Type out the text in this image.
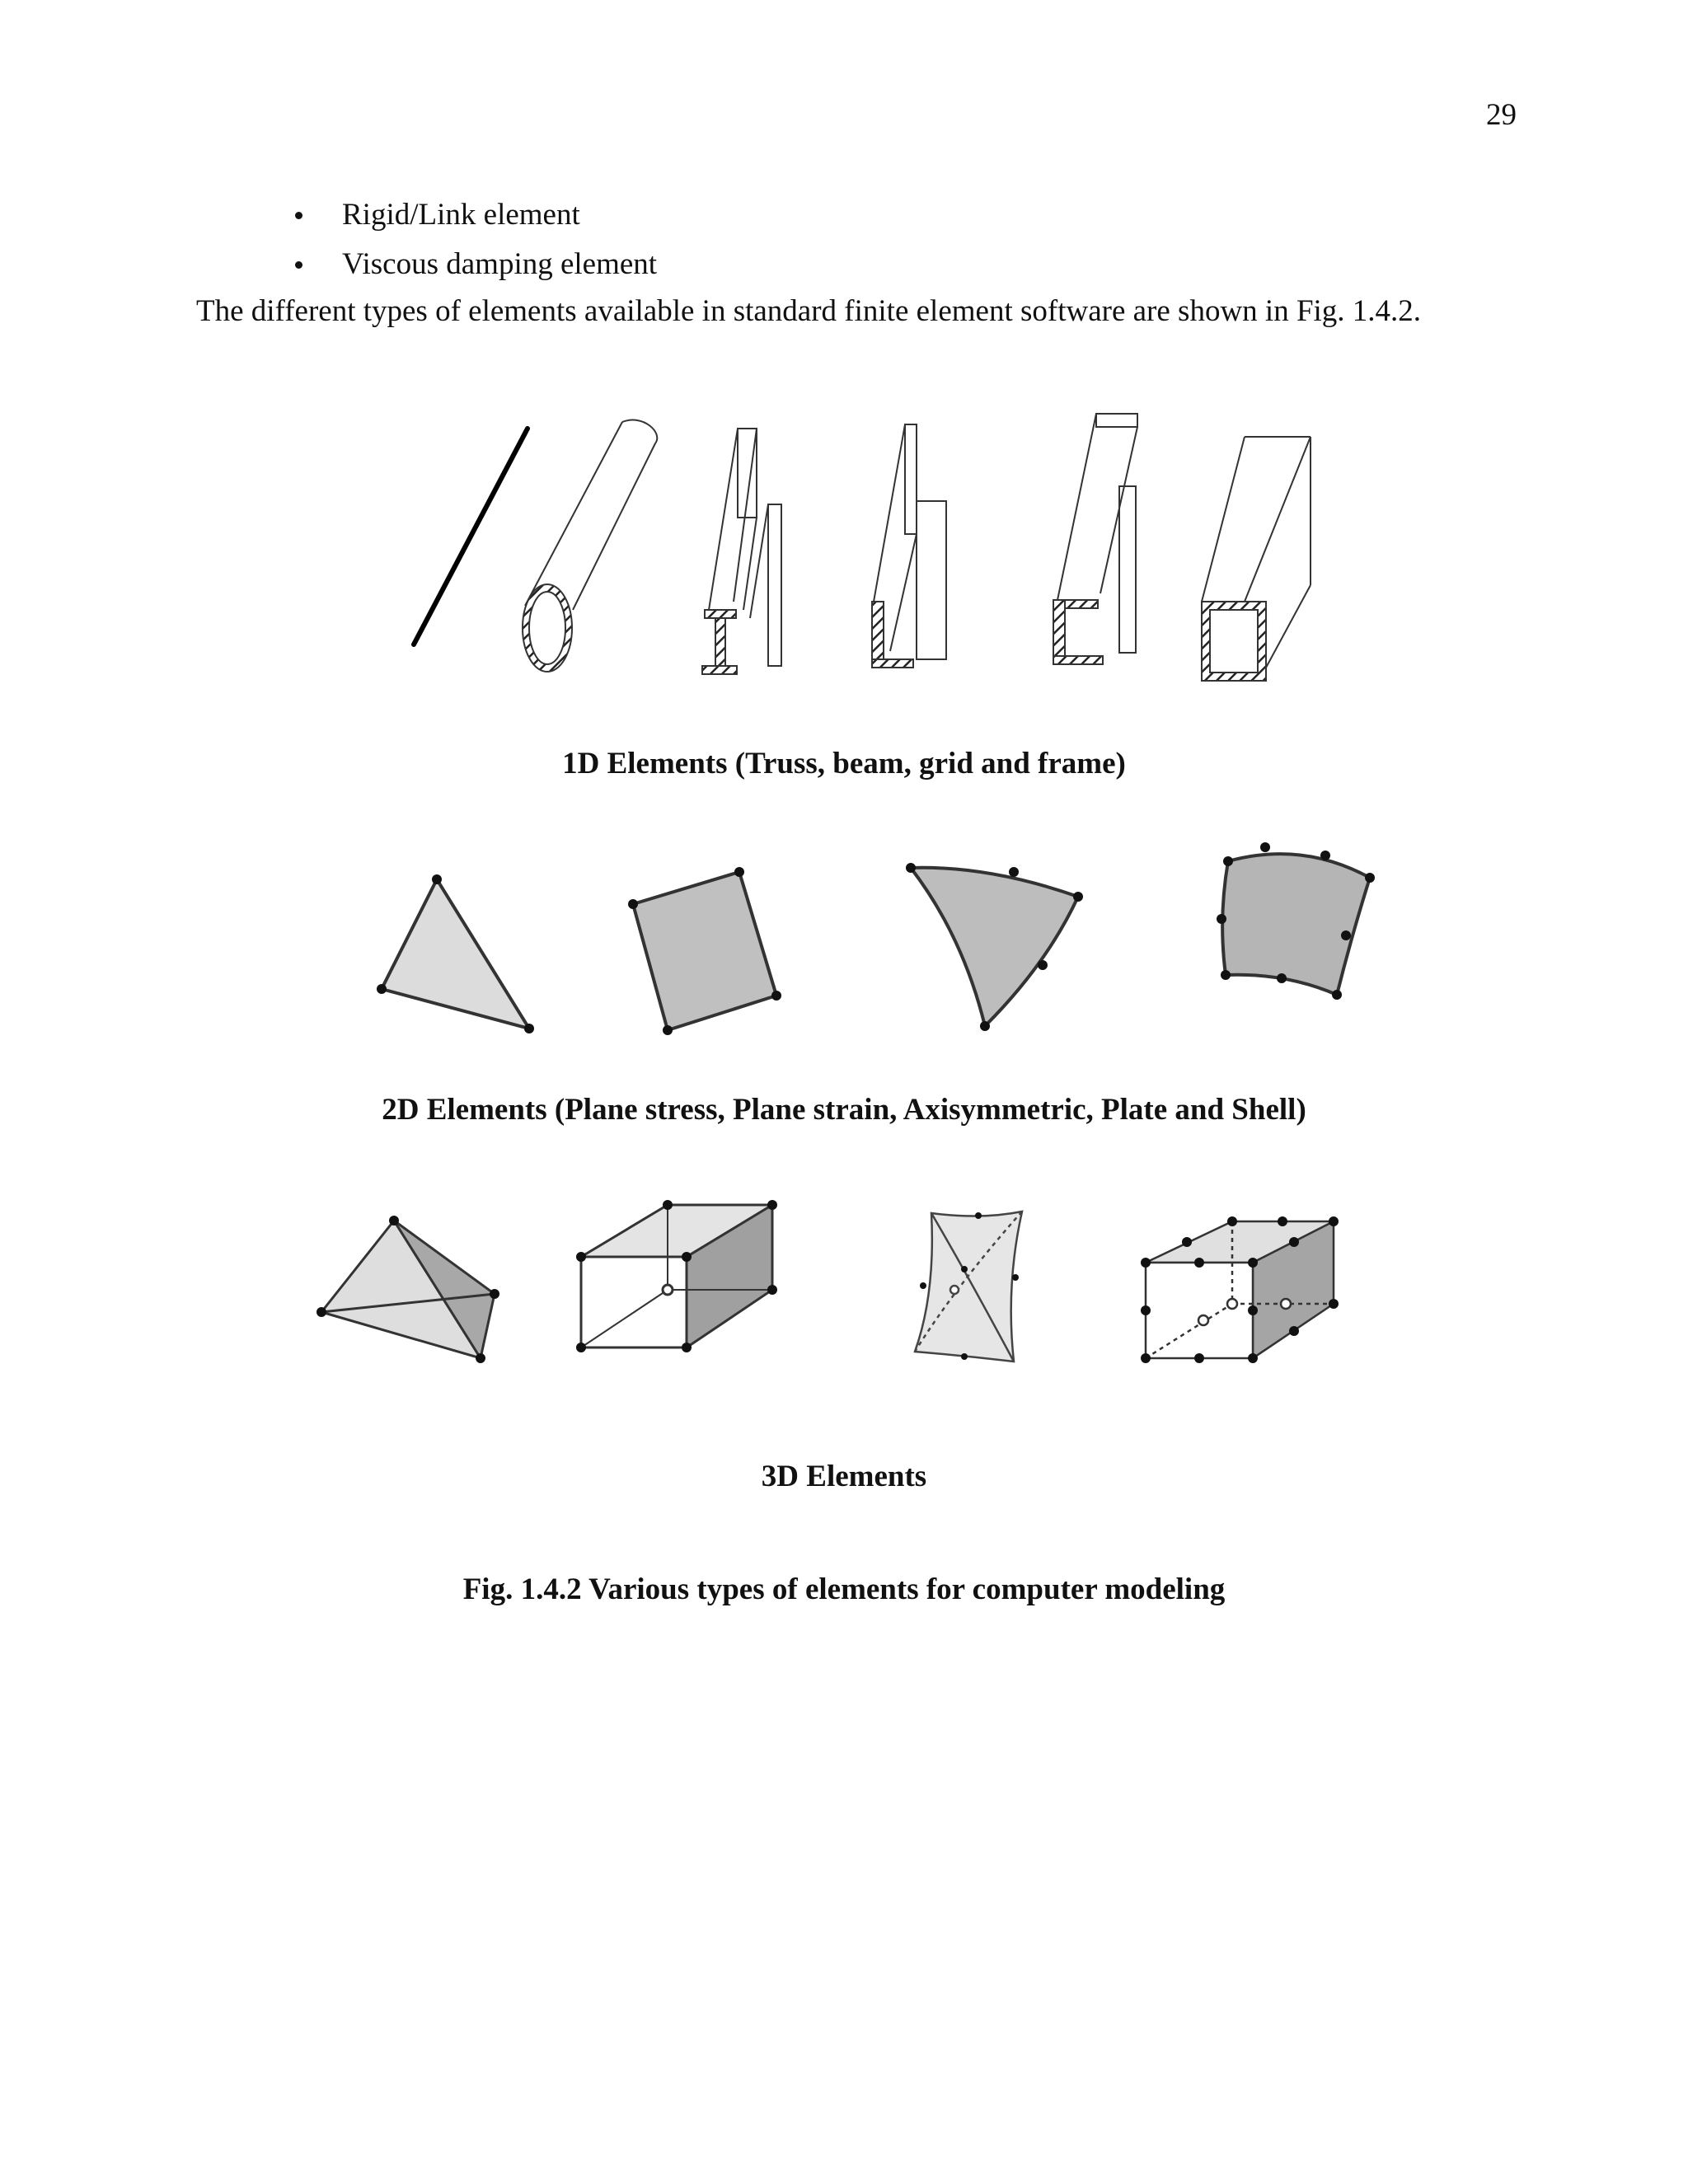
29
Rigid/Link element
Viscous damping element

The different types of elements available in standard finite element software are shown in Fig. 1.4.2.

1D Elements (Truss, beam, grid and frame)

2D Elements (Plane stress, Plane strain, Axisymmetric, Plate and Shell)

3D Elements

Fig. 1.4.2 Various types of elements for computer modeling
